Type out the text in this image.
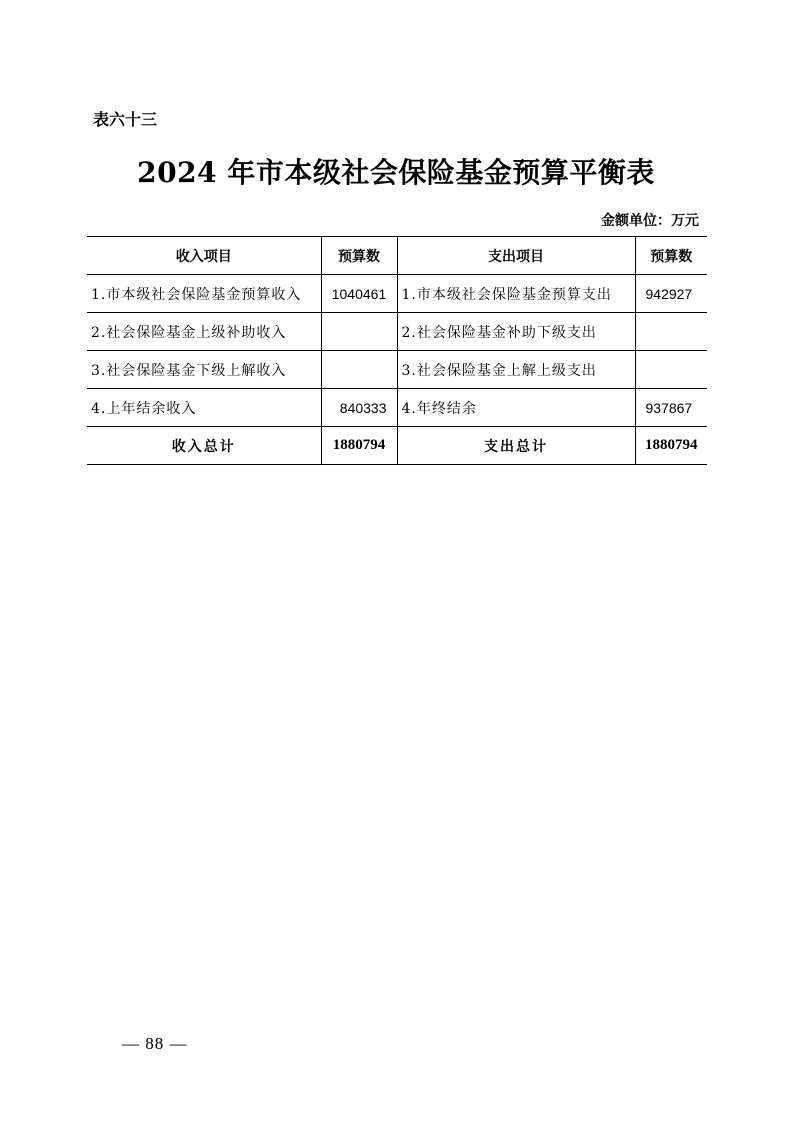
表六十三
2024 年市本级社会保险基金预算平衡表
金额单位：万元
收入项目	预算数	支出项目	预算数
1.市本级社会保险基金预算收入	1040461	1.市本级社会保险基金预算支出	942927
2.社会保险基金上级补助收入		2.社会保险基金补助下级支出	
3.社会保险基金下级上解收入		3.社会保险基金上解上级支出	
4.上年结余收入	840333	4.年终结余	937867
收入总计	1880794	支出总计	1880794
— 88 —
